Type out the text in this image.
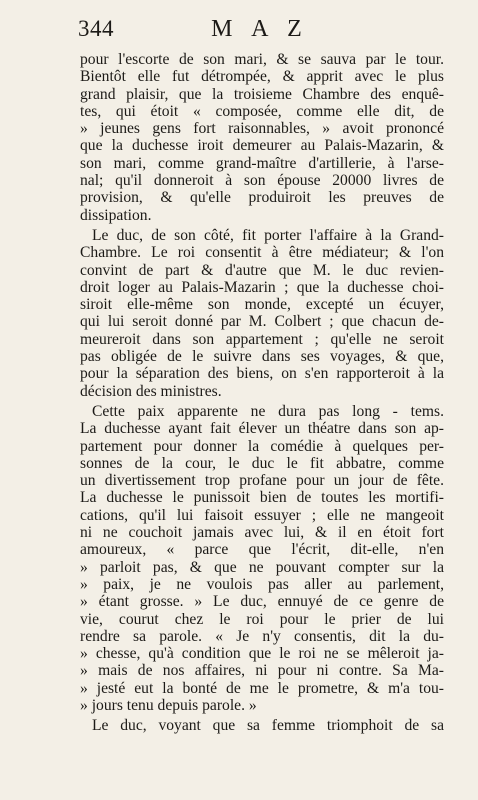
344	M A Z

pour l'escorte de son mari, & se sauva par le tour.
Bientôt elle fut détrompée, & apprit avec le plus
grand plaisir, que la troisieme Chambre des enquê-
tes, qui étoit « composée, comme elle dit, de
» jeunes gens fort raisonnables, » avoit prononcé
que la duchesse iroit demeurer au Palais-Mazarin, &
son mari, comme grand-maître d'artillerie, à l'arse-
nal; qu'il donneroit à son épouse 20000 livres de
provision, & qu'elle produiroit les preuves de
dissipation.

Le duc, de son côté, fit porter l'affaire à la Grand-
Chambre. Le roi consentit à être médiateur; & l'on
convint de part & d'autre que M. le duc revien-
droit loger au Palais-Mazarin ; que la duchesse choi-
siroit elle-même son monde, excepté un écuyer,
qui lui seroit donné par M. Colbert ; que chacun de-
meureroit dans son appartement ; qu'elle ne seroit
pas obligée de le suivre dans ses voyages, & que,
pour la séparation des biens, on s'en rapporteroit à la
décision des ministres.

Cette paix apparente ne dura pas long - tems.
La duchesse ayant fait élever un théatre dans son ap-
partement pour donner la comédie à quelques per-
sonnes de la cour, le duc le fit abbatre, comme
un divertissement trop profane pour un jour de fête.
La duchesse le punissoit bien de toutes les mortifi-
cations, qu'il lui faisoit essuyer ; elle ne mangeoit
ni ne couchoit jamais avec lui, & il en étoit fort
amoureux, « parce que l'écrit, dit-elle, n'en
» parloit pas, & que ne pouvant compter sur la
» paix, je ne voulois pas aller au parlement,
» étant grosse. » Le duc, ennuyé de ce genre de
vie, courut chez le roi pour le prier de lui
rendre sa parole. « Je n'y consentis, dit la du-
» chesse, qu'à condition que le roi ne se mêleroit ja-
» mais de nos affaires, ni pour ni contre. Sa Ma-
» jesté eut la bonté de me le prometre, & m'a tou-
» jours tenu depuis parole. »

Le duc, voyant que sa femme triomphoit de sa
